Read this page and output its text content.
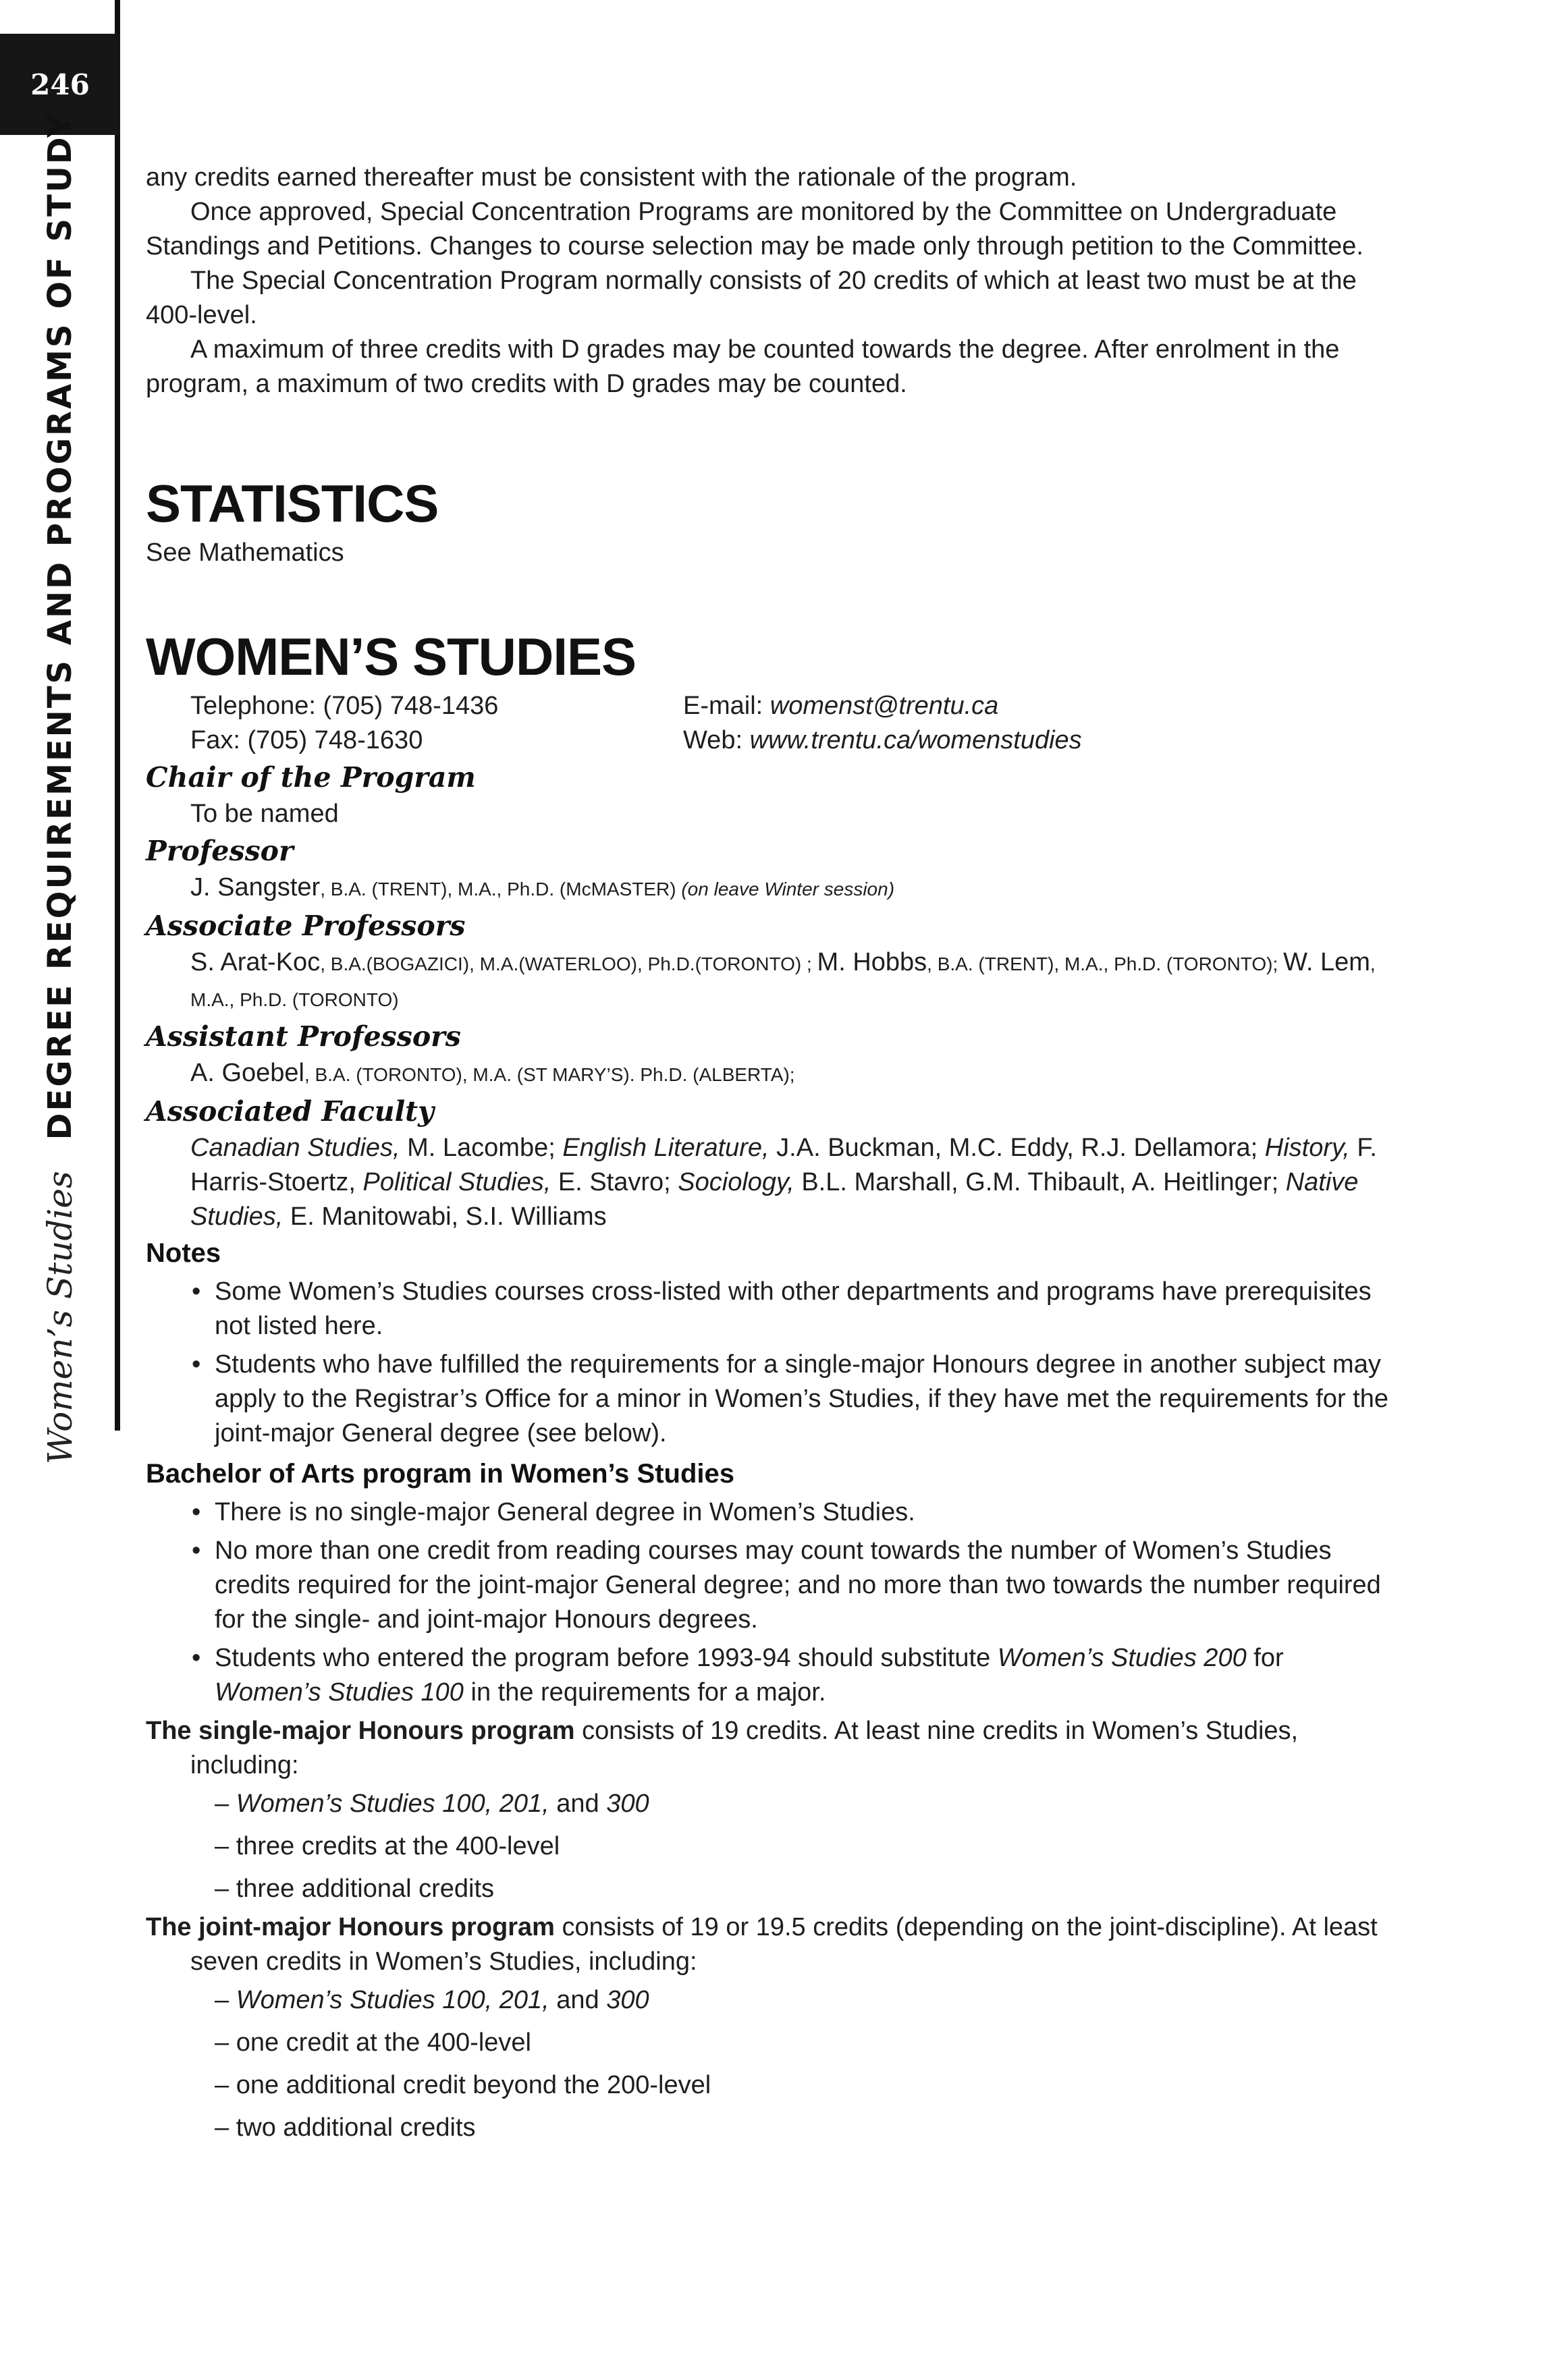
246
Women’s Studies
DEGREE REQUIREMENTS AND PROGRAMS OF STUDY	any credits earned thereafter must be consistent with the rationale of the program.

Once approved, Special Concentration Programs are monitored by the Committee on Undergraduate Standings and Petitions. Changes to course selection may be made only through petition to the Committee.

The Special Concentration Program normally consists of 20 credits of which at least two must be at the 400-level.

A maximum of three credits with D grades may be counted towards the degree. After enrolment in the program, a maximum of two credits with D grades may be counted.

STATISTICS

See Mathematics

WOMEN’S STUDIES
Telephone: (705) 748-1436	E-mail: womenst@trentu.ca
Fax: (705) 748-1630	Web: www.trentu.ca/womenstudies
Chair of the Program
To be named
Professor
J. Sangster, B.A. (TRENT), M.A., Ph.D. (McMASTER) (on leave Winter session)
Associate Professors
S. Arat-Koc, B.A.(BOGAZICI), M.A.(WATERLOO), Ph.D.(TORONTO) ; M. Hobbs, B.A. (TRENT), M.A., Ph.D. (TORONTO); W. Lem, M.A., Ph.D. (TORONTO)
Assistant Professors
A. Goebel, B.A. (TORONTO), M.A. (ST MARY’S). Ph.D. (ALBERTA);
Associated Faculty
Canadian Studies, M. Lacombe; English Literature, J.A. Buckman, M.C. Eddy, R.J. Dellamora; History, F. Harris-Stoertz, Political Studies, E. Stavro; Sociology, B.L. Marshall, G.M. Thibault, A. Heitlinger; Native Studies, E. Manitowabi, S.I. Williams
Notes
• Some Women’s Studies courses cross-listed with other departments and programs have prerequisites not listed here.
• Students who have fulfilled the requirements for a single-major Honours degree in another subject may apply to the Registrar’s Office for a minor in Women’s Studies, if they have met the requirements for the joint-major General degree (see below).
Bachelor of Arts program in Women’s Studies
• There is no single-major General degree in Women’s Studies.
• No more than one credit from reading courses may count towards the number of Women’s Studies credits required for the joint-major General degree; and no more than two towards the number required for the single- and joint-major Honours degrees.
• Students who entered the program before 1993-94 should substitute Women’s Studies 200 for Women’s Studies 100 in the requirements for a major.

The single-major Honours program consists of 19 credits. At least nine credits in Women’s Studies, including:

– Women’s Studies 100, 201, and 300
– three credits at the 400-level
– three additional credits

The joint-major Honours program consists of 19 or 19.5 credits (depending on the joint-discipline). At least seven credits in Women’s Studies, including:

– Women’s Studies 100, 201, and 300
– one credit at the 400-level
– one additional credit beyond the 200-level
– two additional credits
